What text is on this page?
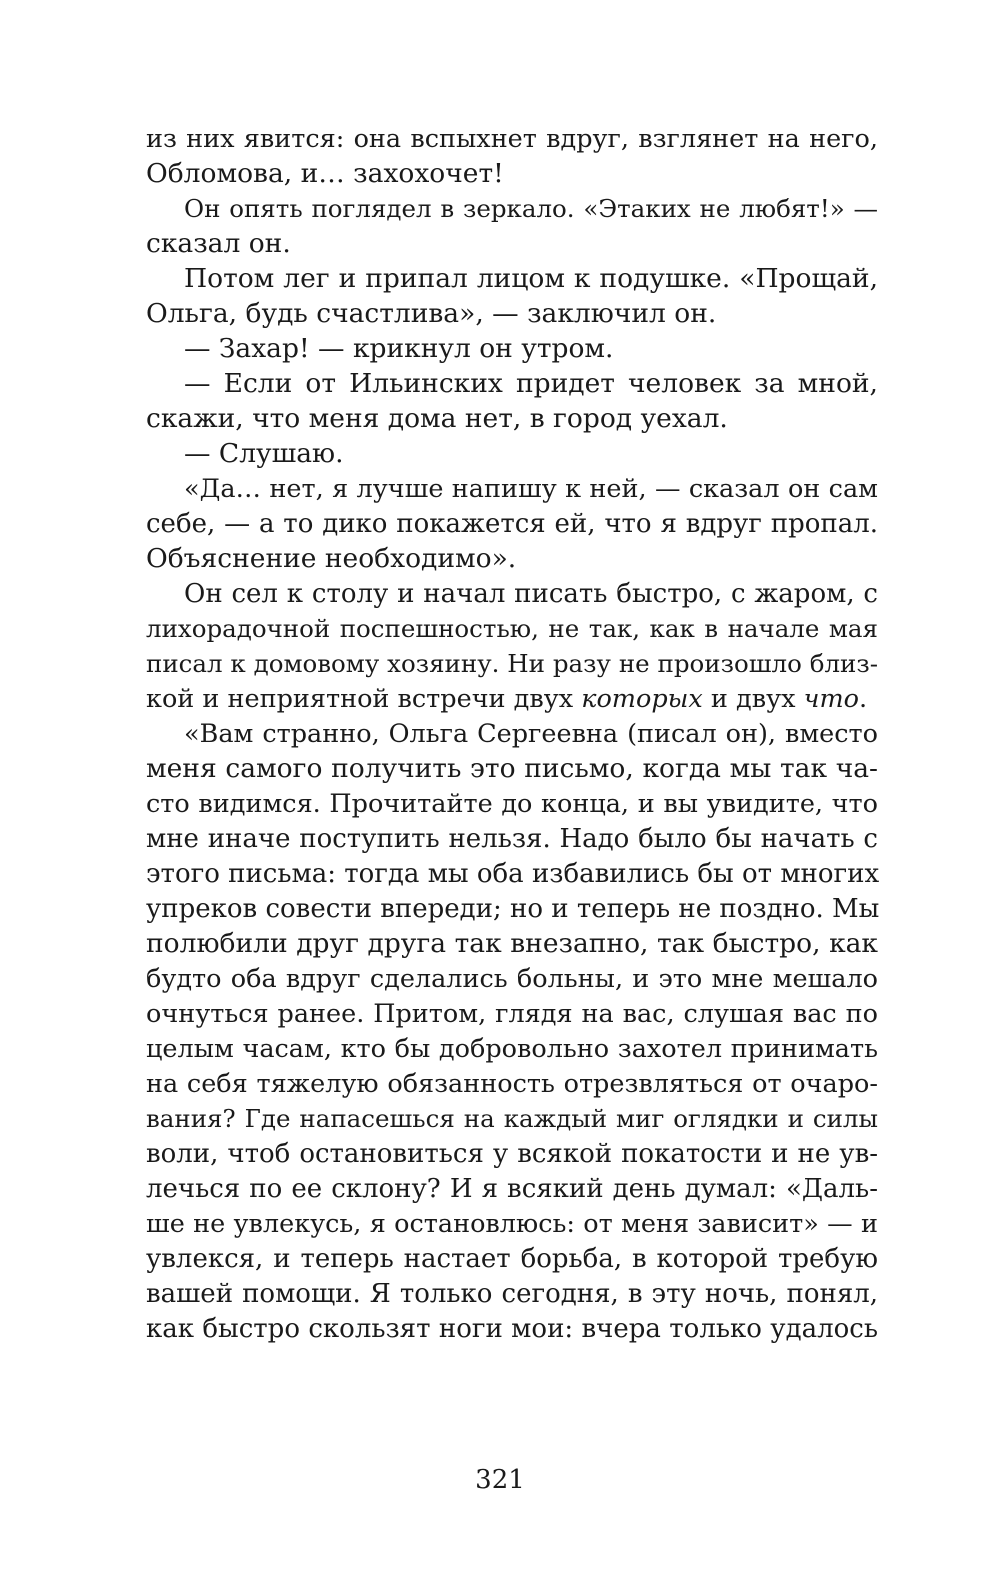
из них явится: она вспыхнет вдруг, взглянет на него,
Обломова, и… захохочет!
Он опять поглядел в зеркало. «Этаких не любят!» —
сказал он.
Потом лег и припал лицом к подушке. «Прощай,
Ольга, будь счастлива», — заключил он.
— Захар! — крикнул он утром.
— Если от Ильинских придет человек за мной,
скажи, что меня дома нет, в город уехал.
— Слушаю.
«Да… нет, я лучше напишу к ней, — сказал он сам
себе, — а то дико покажется ей, что я вдруг пропал.
Объяснение необходимо».
Он сел к столу и начал писать быстро, с жаром, с
лихорадочной поспешностью, не так, как в начале мая
писал к домовому хозяину. Ни разу не произошло близ-
кой и неприятной встречи двух которых и двух что.
«Вам странно, Ольга Сергеевна (писал он), вместо
меня самого получить это письмо, когда мы так ча-
сто видимся. Прочитайте до конца, и вы увидите, что
мне иначе поступить нельзя. Надо было бы начать с
этого письма: тогда мы оба избавились бы от многих
упреков совести впереди; но и теперь не поздно. Мы
полюбили друг друга так внезапно, так быстро, как
будто оба вдруг сделались больны, и это мне мешало
очнуться ранее. Притом, глядя на вас, слушая вас по
целым часам, кто бы добровольно захотел принимать
на себя тяжелую обязанность отрезвляться от очаро-
вания? Где напасешься на каждый миг оглядки и силы
воли, чтоб остановиться у всякой покатости и не ув-
лечься по ее склону? И я всякий день думал: «Даль-
ше не увлекусь, я остановлюсь: от меня зависит» — и
увлекся, и теперь настает борьба, в которой требую
вашей помощи. Я только сегодня, в эту ночь, понял,
как быстро скользят ноги мои: вчера только удалось
321
